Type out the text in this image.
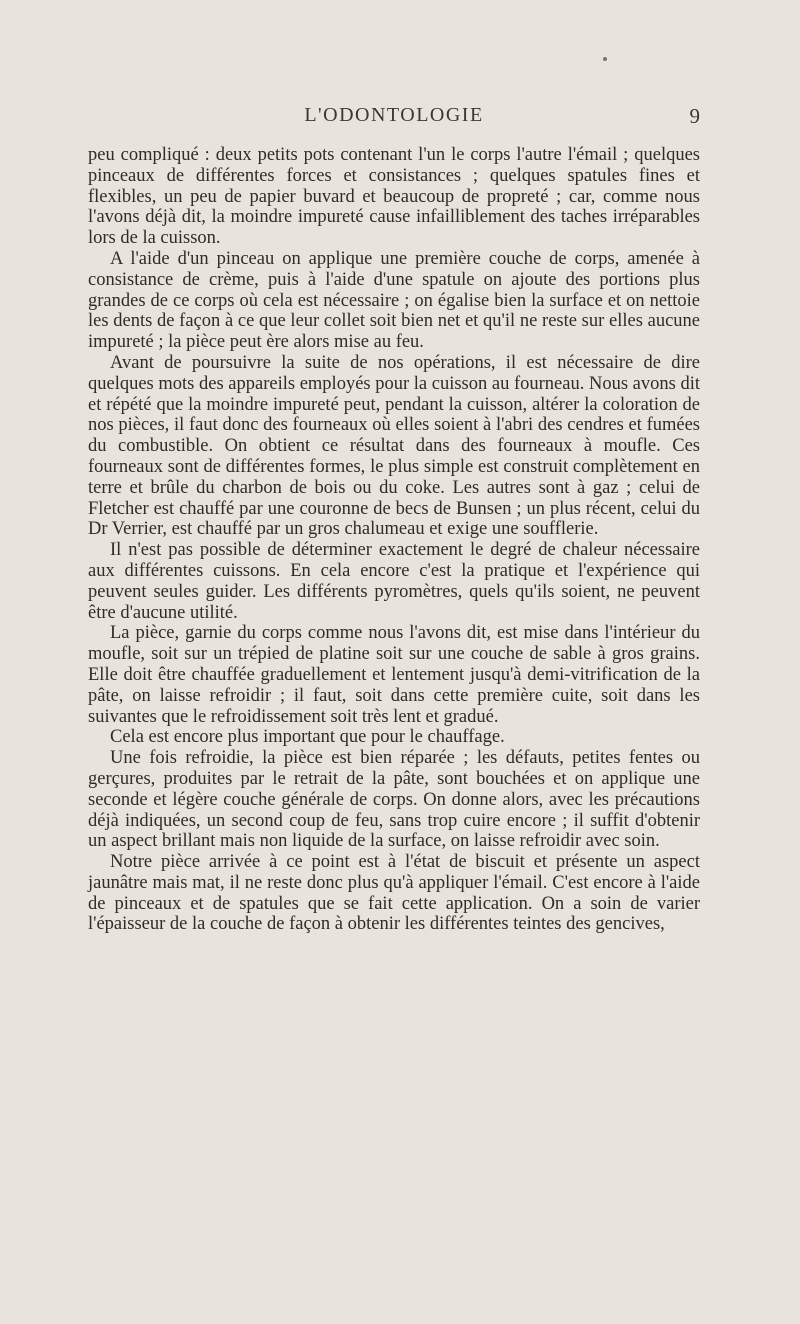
L'ODONTOLOGIE	9

peu compliqué : deux petits pots contenant l'un le corps l'autre l'émail ; quelques pinceaux de différentes forces et consistances ; quelques spatules fines et flexibles, un peu de papier buvard et beaucoup de propreté ; car, comme nous l'avons déjà dit, la moindre impureté cause infailliblement des taches irréparables lors de la cuisson.

A l'aide d'un pinceau on applique une première couche de corps, amenée à consistance de crème, puis à l'aide d'une spatule on ajoute des portions plus grandes de ce corps où cela est nécessaire ; on égalise bien la surface et on nettoie les dents de façon à ce que leur collet soit bien net et qu'il ne reste sur elles aucune impureté ; la pièce peut ère alors mise au feu.

Avant de poursuivre la suite de nos opérations, il est nécessaire de dire quelques mots des appareils employés pour la cuisson au fourneau. Nous avons dit et répété que la moindre impureté peut, pendant la cuisson, altérer la coloration de nos pièces, il faut donc des fourneaux où elles soient à l'abri des cendres et fumées du combustible. On obtient ce résultat dans des fourneaux à moufle. Ces fourneaux sont de différentes formes, le plus simple est construit complètement en terre et brûle du charbon de bois ou du coke. Les autres sont à gaz ; celui de Fletcher est chauffé par une couronne de becs de Bunsen ; un plus récent, celui du Dr Verrier, est chauffé par un gros chalumeau et exige une soufflerie.

Il n'est pas possible de déterminer exactement le degré de chaleur nécessaire aux différentes cuissons. En cela encore c'est la pratique et l'expérience qui peuvent seules guider. Les différents pyromètres, quels qu'ils soient, ne peuvent être d'aucune utilité.

La pièce, garnie du corps comme nous l'avons dit, est mise dans l'intérieur du moufle, soit sur un trépied de platine soit sur une couche de sable à gros grains. Elle doit être chauffée graduellement et lentement jusqu'à demi-vitrification de la pâte, on laisse refroidir ; il faut, soit dans cette première cuite, soit dans les suivantes que le refroidissement soit très lent et gradué.

Cela est encore plus important que pour le chauffage.

Une fois refroidie, la pièce est bien réparée ; les défauts, petites fentes ou gerçures, produites par le retrait de la pâte, sont bouchées et on applique une seconde et légère couche générale de corps. On donne alors, avec les précautions déjà indiquées, un second coup de feu, sans trop cuire encore ; il suffit d'obtenir un aspect brillant mais non liquide de la surface, on laisse refroidir avec soin.

Notre pièce arrivée à ce point est à l'état de biscuit et présente un aspect jaunâtre mais mat, il ne reste donc plus qu'à appliquer l'émail. C'est encore à l'aide de pinceaux et de spatules que se fait cette application. On a soin de varier l'épaisseur de la couche de façon à obtenir les différentes teintes des gencives,
